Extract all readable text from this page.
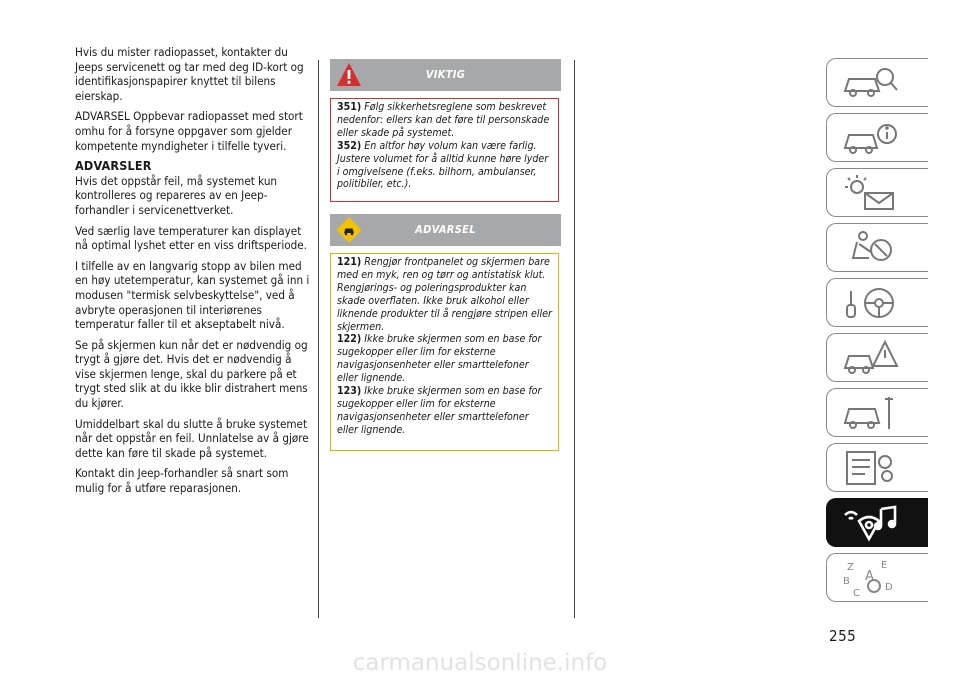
Hvis du mister radiopasset, kontakter du Jeeps servicenett og tar med deg ID-kort og identifikasjonspapirer knyttet til bilens eierskap.

ADVARSEL Oppbevar radiopasset med stort omhu for å forsyne oppgaver som gjelder kompetente myndigheter i tilfelle tyveri.

ADVARSLER

Hvis det oppstår feil, må systemet kun kontrolleres og repareres av en Jeep-forhandler i servicenettverket.

Ved særlig lave temperaturer kan displayet nå optimal lyshet etter en viss driftsperiode.

I tilfelle av en langvarig stopp av bilen med en høy utetemperatur, kan systemet gå inn i modusen "termisk selvbeskyttelse", ved å avbryte operasjonen til interiørenes temperatur faller til et akseptabelt nivå.

Se på skjermen kun når det er nødvendig og trygt å gjøre det. Hvis det er nødvendig å vise skjermen lenge, skal du parkere på et trygt sted slik at du ikke blir distrahert mens du kjører.

Umiddelbart skal du slutte å bruke systemet når det oppstår en feil. Unnlatelse av å gjøre dette kan føre til skade på systemet.

Kontakt din Jeep-forhandler så snart som mulig for å utføre reparasjonen.

VIKTIG

351) Følg sikkerhetsreglene som beskrevet nedenfor: ellers kan det føre til personskade eller skade på systemet.

352) En altfor høy volum kan være farlig. Justere volumet for å alltid kunne høre lyder i omgivelsene (f.eks. bilhorn, ambulanser, politibiler, etc.).

ADVARSEL

121) Rengjør frontpanelet og skjermen bare med en myk, ren og tørr og antistatisk klut. Rengjørings- og poleringsprodukter kan skade overflaten. Ikke bruk alkohol eller liknende produkter til å rengjøre stripen eller skjermen.

122) Ikke bruke skjermen som en base for sugekopper eller lim for eksterne navigasjonsenheter eller smarttelefoner eller lignende.

123) Ikke bruke skjermen som en base for sugekopper eller lim for eksterne navigasjonsenheter eller smarttelefoner eller lignende.

Z	E
B A
C
D
255
carmanualsonline.info
